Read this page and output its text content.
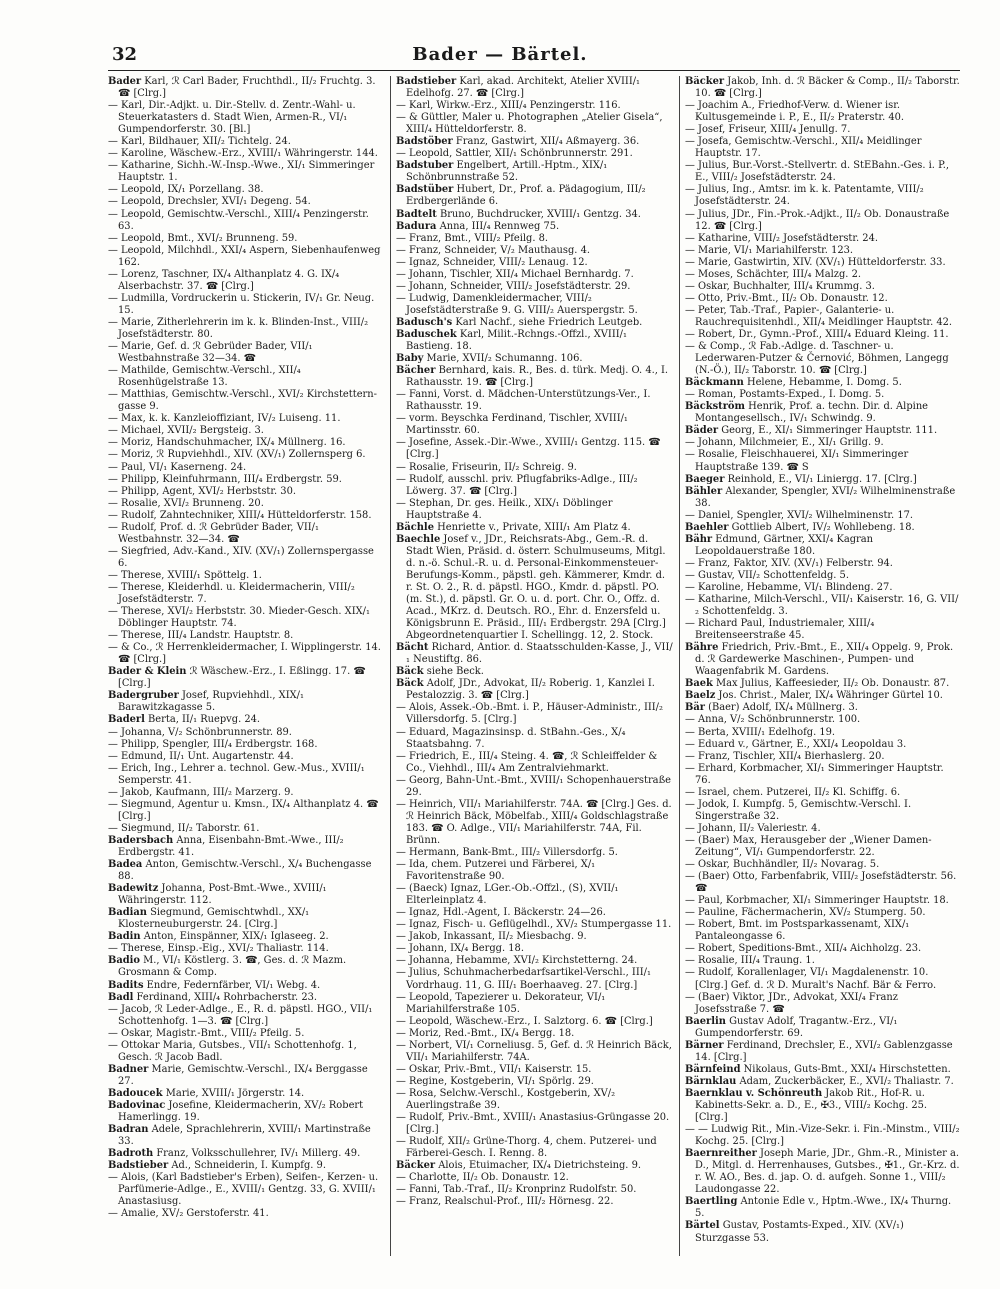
32	Bader — Bärtel.

Bader Karl, ℛ Carl Bader, Fruchthdl., II/₂ Fruchtg. 3. ☎ [Clrg.]

— Karl, Dir.-Adjkt. u. Dir.-Stellv. d. Zentr.-Wahl- u. Steuerkatasters d. Stadt Wien, Armen-R., VI/₁ Gumpendorferstr. 30. [Bl.]

— Karl, Bildhauer, XII/₂ Tichtelg. 24.

— Karoline, Wäschew.-Erz., XVIII/₁ Währingerstr. 144.

— Katharine, Sichh.-W.-Insp.-Wwe., XI/₁ Simmeringer Hauptstr. 1.

— Leopold, IX/₁ Porzellang. 38.

— Leopold, Drechsler, XVI/₁ Degeng. 54.

— Leopold, Gemischtw.-Verschl., XIII/₄ Penzingerstr. 63.

— Leopold, Bmt., XVI/₂ Brunneng. 59.

— Leopold, Milchhdl., XXI/₄ Aspern, Siebenhaufenweg 162.

— Lorenz, Taschner, IX/₄ Althanplatz 4. G. IX/₄ Alserbachstr. 37. ☎ [Clrg.]

— Ludmilla, Vordruckerin u. Stickerin, IV/₁ Gr. Neug. 15.

— Marie, Zitherlehrerin im k. k. Blinden-Inst., VIII/₂ Josefstädterstr. 80.

— Marie, Gef. d. ℛ Gebrüder Bader, VII/₁ Westbahnstraße 32—34. ☎

— Mathilde, Gemischtw.-Verschl., XII/₄ Rosenhügelstraße 13.

— Matthias, Gemischtw.-Verschl., XVI/₂ Kirchstetterngasse 9.

— Max, k. k. Kanzleioffiziant, IV/₂ Luiseng. 11.

— Michael, XVII/₂ Bergsteig. 3.

— Moriz, Handschuhmacher, IX/₄ Müllnerg. 16.

— Moriz, ℛ Rupviehhdl., XIV. (XV/₁) Zollernsperg 6.

— Paul, VI/₁ Kaserneng. 24.

— Philipp, Kleinfuhrmann, III/₄ Erdbergstr. 59.

— Philipp, Agent, XVI/₂ Herbststr. 30.

— Rosalie, XVI/₂ Brunneng. 20.

— Rudolf, Zahntechniker, XIII/₄ Hütteldorferstr. 158.

— Rudolf, Prof. d. ℛ Gebrüder Bader, VII/₁ Westbahnstr. 32—34. ☎

— Siegfried, Adv.-Kand., XIV. (XV/₁) Zollernspergasse 6.

— Therese, XVIII/₁ Spöttelg. 1.

— Therese, Kleiderhdl. u. Kleidermacherin, VIII/₂ Josefstädterstr. 7.

— Therese, XVI/₂ Herbststr. 30. Mieder-Gesch. XIX/₁ Döblinger Hauptstr. 74.

— Therese, III/₄ Landstr. Hauptstr. 8.

— & Co., ℛ Herrenkleidermacher, I. Wipplingerstr. 14. ☎ [Clrg.]

Bader & Klein ℛ Wäschew.-Erz., I. Eßlingg. 17. ☎ [Clrg.]

Badergruber Josef, Rupviehhdl., XIX/₁ Barawitzkagasse 5.

Baderl Berta, II/₁ Ruepvg. 24.

— Johanna, V/₂ Schönbrunnerstr. 89.

— Philipp, Spengler, III/₄ Erdbergstr. 168.

— Edmund, II/₁ Unt. Augartenstr. 44.

— Erich, Ing., Lehrer a. technol. Gew.-Mus., XVIII/₁ Semperstr. 41.

— Jakob, Kaufmann, III/₂ Marzerg. 9.

— Siegmund, Agentur u. Kmsn., IX/₄ Althanplatz 4. ☎ [Clrg.]

— Siegmund, II/₂ Taborstr. 61.

Badersbach Anna, Eisenbahn-Bmt.-Wwe., III/₂ Erdbergstr. 41.

Badea Anton, Gemischtw.-Verschl., X/₄ Buchengasse 88.

Badewitz Johanna, Post-Bmt.-Wwe., XVIII/₁ Währingerstr. 112.

Badian Siegmund, Gemischtwhdl., XX/₁ Klosterneuburgerstr. 24. [Clrg.]

Badin Anton, Einspänner, XIX/₁ Iglaseeg. 2.

— Therese, Einsp.-Eig., XVI/₂ Thaliastr. 114.

Badio M., VI/₁ Köstlerg. 3. ☎, Ges. d. ℛ Mazm. Grosmann & Comp.

Badits Endre, Federnfärber, VI/₁ Webg. 4.

Badl Ferdinand, XIII/₄ Rohrbacherstr. 23.

— Jacob, ℛ Leder-Adlge., E., R. d. päpstl. HGO., VII/₁ Schottenhofg. 1—3. ☎ [Clrg.]

— Oskar, Magistr.-Bmt., VIII/₂ Pfeilg. 5.

— Ottokar Maria, Gutsbes., VII/₁ Schottenhofg. 1, Gesch. ℛ Jacob Badl.

Badner Marie, Gemischtw.-Verschl., IX/₄ Berggasse 27.

Badoucek Marie, XVIII/₁ Jörgerstr. 14.

Badovinac Josefine, Kleidermacherin, XV/₂ Robert Hamerlingg. 19.

Badran Adele, Sprachlehrerin, XVIII/₁ Martinstraße 33.

Badroth Franz, Volksschullehrer, IV/₁ Millerg. 49.

Badstieber Ad., Schneiderin, I. Kumpfg. 9.

— Alois, (Karl Badstieber's Erben), Seifen-, Kerzen- u. Parfümerie-Adlge., E., XVIII/₁ Gentzg. 33, G. XVIII/₁ Anastasiusg.

— Amalie, XV/₂ Gerstoferstr. 41.

Badstieber Karl, akad. Architekt, Atelier XVIII/₁ Edelhofg. 27. ☎ [Clrg.]

— Karl, Wirkw.-Erz., XIII/₄ Penzingerstr. 116.

— & Güttler, Maler u. Photographen „Atelier Gisela“, XIII/₄ Hütteldorferstr. 8.

Badstöber Franz, Gastwirt, XII/₄ Aßmayerg. 36.

— Leopold, Sattler, XII/₁ Schönbrunnerstr. 291.

Badstuber Engelbert, Artill.-Hptm., XIX/₁ Schönbrunnstraße 52.

Badstüber Hubert, Dr., Prof. a. Pädagogium, III/₂ Erdbergerlände 6.

Badtelt Bruno, Buchdrucker, XVIII/₁ Gentzg. 34.

Badura Anna, III/₄ Rennweg 75.

— Franz, Bmt., VIII/₂ Pfeilg. 8.

— Franz, Schneider, V/₂ Mauthausg. 4.

— Ignaz, Schneider, VIII/₂ Lenaug. 12.

— Johann, Tischler, XII/₄ Michael Bernhardg. 7.

— Johann, Schneider, VIII/₂ Josefstädterstr. 29.

— Ludwig, Damenkleidermacher, VIII/₂ Josefstädterstraße 9. G. VIII/₂ Auerspergstr. 5.

Badusch's Karl Nachf., siehe Friedrich Leutgeb.

Baduschek Karl, Milit.-Rchngs.-Offzl., XVIII/₁ Bastieng. 18.

Baby Marie, XVII/₂ Schumanng. 106.

Bächer Bernhard, kais. R., Bes. d. türk. Medj. O. 4., I. Rathausstr. 19. ☎ [Clrg.]

— Fanni, Vorst. d. Mädchen-Unterstützungs-Ver., I. Rathausstr. 19.

— vorm. Beyschka Ferdinand, Tischler, XVIII/₁ Martinsstr. 60.

— Josefine, Assek.-Dir.-Wwe., XVIII/₁ Gentzg. 115. ☎ [Clrg.]

— Rosalie, Friseurin, II/₂ Schreig. 9.

— Rudolf, ausschl. priv. Pflugfabriks-Adlge., III/₂ Löwerg. 37. ☎ [Clrg.]

— Stephan, Dr. ges. Heilk., XIX/₁ Döblinger Hauptstraße 4.

Bächle Henriette v., Private, XIII/₁ Am Platz 4.

Baechle Josef v., JDr., Reichsrats-Abg., Gem.-R. d. Stadt Wien, Präsid. d. österr. Schulmuseums, Mitgl. d. n.-ö. Schul.-R. u. d. Personal-Einkommensteuer-Berufungs-Komm., päpstl. geh. Kämmerer, Kmdr. d. r. St. O. 2., R. d. päpstl. HGO., Kmdr. d. päpstl. PO. (m. St.), d. päpstl. Gr. O. u. d. port. Chr. O., Offz. d. Acad., MKrz. d. Deutsch. RO., Ehr. d. Enzersfeld u. Königsbrunn E. Präsid., III/₁ Erdbergstr. 29A [Clrg.] Abgeordnetenquartier I. Schellingg. 12, 2. Stock.

Bächt Richard, Antior. d. Staatsschulden-Kasse, J., VII/₁ Neustiftg. 86.

Bäck siehe Beck.

Bäck Adolf, JDr., Advokat, II/₂ Roberig. 1, Kanzlei I. Pestalozzig. 3. ☎ [Clrg.]

— Alois, Assek.-Ob.-Bmt. i. P., Häuser-Administr., III/₂ Villersdorfg. 5. [Clrg.]

— Eduard, Magazinsinsp. d. StBahn.-Ges., X/₄ Staatsbahng. 7.

— Friedrich, E., III/₄ Steing. 4. ☎, ℛ Schleiffelder & Co., Viehhdl., III/₄ Am Zentralviehmarkt.

— Georg, Bahn-Unt.-Bmt., XVIII/₁ Schopenhauerstraße 29.

— Heinrich, VII/₁ Mariahilferstr. 74A. ☎ [Clrg.] Ges. d. ℛ Heinrich Bäck, Möbelfab., XIII/₄ Goldschlagstraße 183. ☎ O. Adlge., VII/₁ Mariahilferstr. 74A, Fil. Brünn.

— Hermann, Bank-Bmt., III/₂ Villersdorfg. 5.

— Ida, chem. Putzerei und Färberei, X/₁ Favoritenstraße 90.

— (Baeck) Ignaz, LGer.-Ob.-Offzl., (S), XVII/₁ Elterleinplatz 4.

— Ignaz, Hdl.-Agent, I. Bäckerstr. 24—26.

— Ignaz, Fisch- u. Geflügelhdl., XV/₂ Stumpergasse 11.

— Jakob, Inkassant, II/₂ Miesbachg. 9.

— Johann, IX/₄ Bergg. 18.

— Johanna, Hebamme, XVI/₂ Kirchstetterng. 24.

— Julius, Schuhmacherbedarfsartikel-Verschl., III/₁ Vordrhaug. 11, G. III/₁ Boerhaaveg. 27. [Clrg.]

— Leopold, Tapezierer u. Dekorateur, VI/₁ Mariahilferstraße 105.

— Leopold, Wäschew.-Erz., I. Salztorg. 6. ☎ [Clrg.]

— Moriz, Red.-Bmt., IX/₄ Bergg. 18.

— Norbert, VI/₁ Corneliusg. 5, Gef. d. ℛ Heinrich Bäck, VII/₁ Mariahilferstr. 74A.

— Oskar, Priv.-Bmt., VII/₁ Kaiserstr. 15.

— Regine, Kostgeberin, VI/₁ Spörlg. 29.

— Rosa, Selchw.-Verschl., Kostgeberin, XV/₂ Auerlingstraße 39.

— Rudolf, Priv.-Bmt., XVIII/₁ Anastasius-Grüngasse 20. [Clrg.]

— Rudolf, XII/₂ Grüne-Thorg. 4, chem. Putzerei- und Färberei-Gesch. I. Renng. 8.

Bäcker Alois, Etuimacher, IX/₄ Dietrichsteing. 9.

— Charlotte, II/₂ Ob. Donaustr. 12.

— Fanni, Tab.-Traf., II/₂ Kronprinz Rudolfstr. 50.

— Franz, Realschul-Prof., III/₂ Hörnesg. 22.

Bäcker Jakob, Inh. d. ℛ Bäcker & Comp., II/₂ Taborstr. 10. ☎ [Clrg.]

— Joachim A., Friedhof-Verw. d. Wiener isr. Kultusgemeinde i. P., E., II/₂ Praterstr. 40.

— Josef, Friseur, XIII/₄ Jenullg. 7.

— Josefa, Gemischtw.-Verschl., XII/₄ Meidlinger Hauptstr. 17.

— Julius, Bur.-Vorst.-Stellvertr. d. StEBahn.-Ges. i. P., E., VIII/₂ Josefstädterstr. 24.

— Julius, Ing., Amtsr. im k. k. Patentamte, VIII/₂ Josefstädterstr. 24.

— Julius, JDr., Fin.-Prok.-Adjkt., II/₂ Ob. Donaustraße 12. ☎ [Clrg.]

— Katharine, VIII/₂ Josefstädterstr. 24.

— Marie, VI/₁ Mariahilferstr. 123.

— Marie, Gastwirtin, XIV. (XV/₁) Hütteldorferstr. 33.

— Moses, Schächter, III/₄ Malzg. 2.

— Oskar, Buchhalter, III/₄ Krummg. 3.

— Otto, Priv.-Bmt., II/₂ Ob. Donaustr. 12.

— Peter, Tab.-Traf., Papier-, Galanterie- u. Rauchrequisitenhdl., XII/₄ Meidlinger Hauptstr. 42.

— Robert, Dr., Gymn.-Prof., XIII/₄ Eduard Kleing. 11.

— & Comp., ℛ Fab.-Adlge. d. Taschner- u. Lederwaren-Putzer & Černović, Böhmen, Langegg (N.-Ö.), II/₂ Taborstr. 10. ☎ [Clrg.]

Bäckmann Helene, Hebamme, I. Domg. 5.

— Roman, Postamts-Exped., I. Domg. 5.

Bäckström Henrik, Prof. a. techn. Dir. d. Alpine Montangesellsch., IV/₁ Schwindg. 9.

Bäder Georg, E., XI/₁ Simmeringer Hauptstr. 111.

— Johann, Milchmeier, E., XI/₁ Grillg. 9.

— Rosalie, Fleischhauerei, XI/₁ Simmeringer Hauptstraße 139. ☎ S

Baeger Reinhold, E., VI/₁ Liniergg. 17. [Clrg.]

Bähler Alexander, Spengler, XVI/₂ Wilhelminenstraße 38.

— Daniel, Spengler, XVI/₂ Wilhelminenstr. 17.

Baehler Gottlieb Albert, IV/₂ Wohllebeng. 18.

Bähr Edmund, Gärtner, XXI/₄ Kagran Leopoldauerstraße 180.

— Franz, Faktor, XIV. (XV/₁) Felberstr. 94.

— Gustav, VII/₂ Schottenfeldg. 5.

— Karoline, Hebamme, VI/₁ Blindeng. 27.

— Katharine, Milch-Verschl., VII/₁ Kaiserstr. 16, G. VII/₂ Schottenfeldg. 3.

— Richard Paul, Industriemaler, XIII/₄ Breitenseerstraße 45.

Bähre Friedrich, Priv.-Bmt., E., XII/₄ Oppelg. 9, Prok. d. ℛ Gardewerke Maschinen-, Pumpen- und Waagenfabrik M. Gardens.

Baek Max Julius, Kaffeesieder, II/₂ Ob. Donaustr. 87.

Baelz Jos. Christ., Maler, IX/₄ Währinger Gürtel 10.

Bär (Baer) Adolf, IX/₄ Müllnerg. 3.

— Anna, V/₂ Schönbrunnerstr. 100.

— Berta, XVIII/₁ Edelhofg. 19.

— Eduard v., Gärtner, E., XXI/₄ Leopoldau 3.

— Franz, Tischler, XII/₄ Bierhaslerg. 20.

— Erhard, Korbmacher, XI/₁ Simmeringer Hauptstr. 76.

— Israel, chem. Putzerei, II/₂ Kl. Schiffg. 6.

— Jodok, I. Kumpfg. 5, Gemischtw.-Verschl. I. Singerstraße 32.

— Johann, II/₂ Valeriestr. 4.

— (Baer) Max, Herausgeber der „Wiener Damen-Zeitung“, VI/₁ Gumpendorferstr. 22.

— Oskar, Buchhändler, II/₂ Novarag. 5.

— (Baer) Otto, Farbenfabrik, VIII/₂ Josefstädterstr. 56. ☎

— Paul, Korbmacher, XI/₁ Simmeringer Hauptstr. 18.

— Pauline, Fächermacherin, XV/₂ Stumperg. 50.

— Robert, Bmt. im Postsparkassenamt, XIX/₁ Pantaleongasse 6.

— Robert, Speditions-Bmt., XII/₄ Aichholzg. 23.

— Rosalie, III/₄ Traung. 1.

— Rudolf, Korallenlager, VI/₁ Magdalenenstr. 10. [Clrg.] Gef. d. ℛ D. Muralt's Nachf. Bär & Ferro.

— (Baer) Viktor, JDr., Advokat, XXI/₄ Franz Josefsstraße 7. ☎

Baerlin Gustav Adolf, Tragantw.-Erz., VI/₁ Gumpendorferstr. 69.

Bärner Ferdinand, Drechsler, E., XVI/₂ Gablenzgasse 14. [Clrg.]

Bärnfeind Nikolaus, Guts-Bmt., XXI/₄ Hirschstetten.

Bärnklau Adam, Zuckerbäcker, E., XVI/₂ Thaliastr. 7.

Baernklau v. Schönreuth Jakob Rit., Hof-R. u. Kabinetts-Sekr. a. D., E., ✠3., VIII/₂ Kochg. 25. [Clrg.]

— — Ludwig Rit., Min.-Vize-Sekr. i. Fin.-Minstm., VIII/₂ Kochg. 25. [Clrg.]

Baernreither Joseph Marie, JDr., Ghm.-R., Minister a. D., Mitgl. d. Herrenhauses, Gutsbes., ✠1., Gr.-Krz. d. r. W. AO., Bes. d. jap. O. d. aufgeh. Sonne 1., VIII/₂ Laudongasse 22.

Baertling Antonie Edle v., Hptm.-Wwe., IX/₄ Thurng. 5.

Bärtel Gustav, Postamts-Exped., XIV. (XV/₁) Sturzgasse 53.
